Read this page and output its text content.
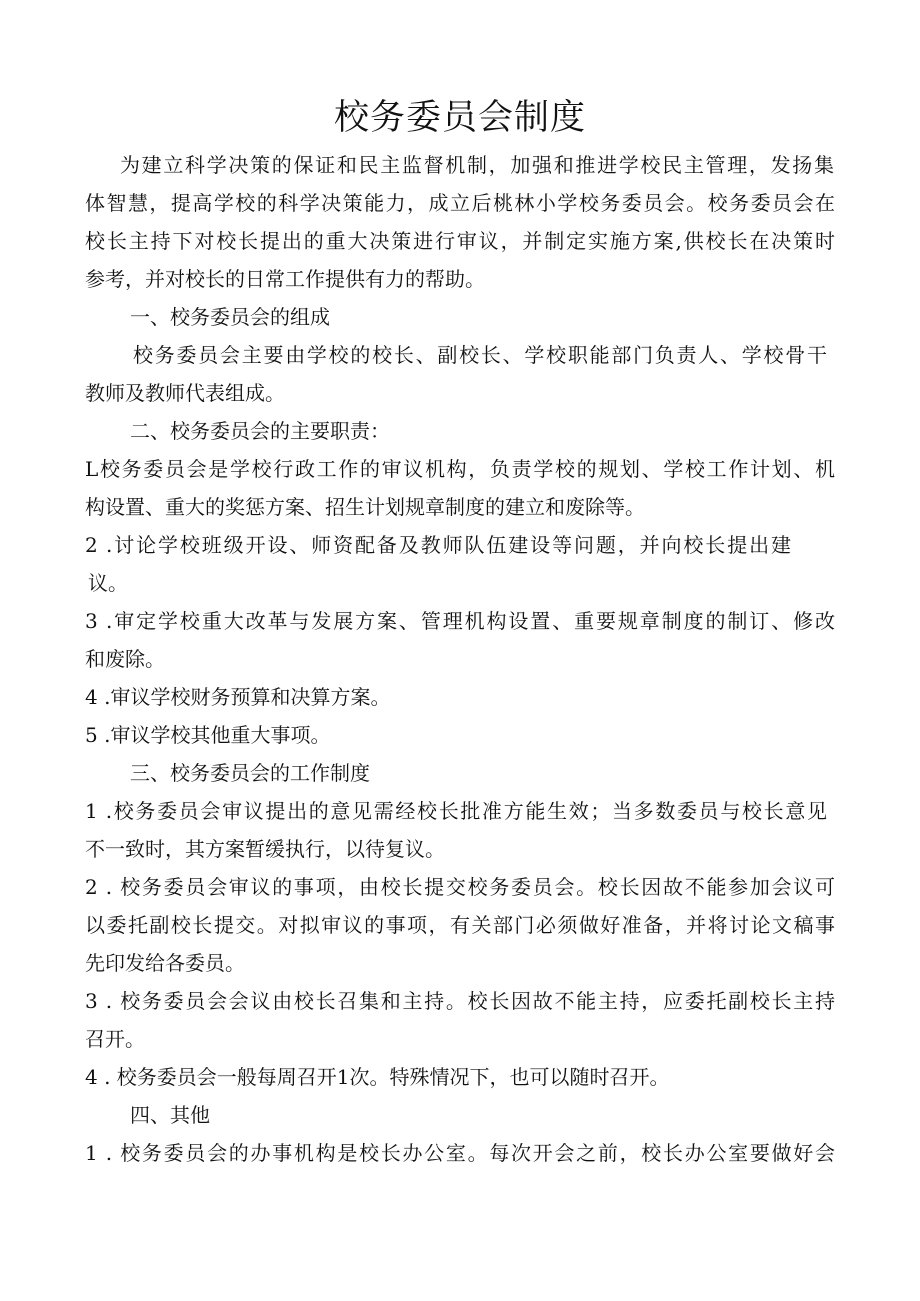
校务委员会制度
为建立科学决策的保证和民主监督机制，加强和推进学校民主管理，发扬集
体智慧，提高学校的科学决策能力，成立后桃林小学校务委员会。校务委员会在
校长主持下对校长提出的重大决策进行审议，并制定实施方案,供校长在决策时
参考，并对校长的日常工作提供有力的帮助。
一、校务委员会的组成
校务委员会主要由学校的校长、副校长、学校职能部门负责人、学校骨干
教师及教师代表组成。
二、校务委员会的主要职责：
L校务委员会是学校行政工作的审议机构，负责学校的规划、学校工作计划、机
构设置、重大的奖惩方案、招生计划规章制度的建立和废除等。
2 .讨论学校班级开设、师资配备及教师队伍建设等问题，并向校长提出建
议。
3 .审定学校重大改革与发展方案、管理机构设置、重要规章制度的制订、修改
和废除。
4 .审议学校财务预算和决算方案。
5 .审议学校其他重大事项。
三、校务委员会的工作制度
1 .校务委员会审议提出的意见需经校长批准方能生效；当多数委员与校长意见
不一致时，其方案暂缓执行，以待复议。
2 . 校务委员会审议的事项，由校长提交校务委员会。校长因故不能参加会议可
以委托副校长提交。对拟审议的事项，有关部门必须做好准备，并将讨论文稿事
先印发给各委员。
3 . 校务委员会会议由校长召集和主持。校长因故不能主持，应委托副校长主持
召开。
4 . 校务委员会一般每周召开1次。特殊情况下，也可以随时召开。
四、其他
1 . 校务委员会的办事机构是校长办公室。每次开会之前，校长办公室要做好会
